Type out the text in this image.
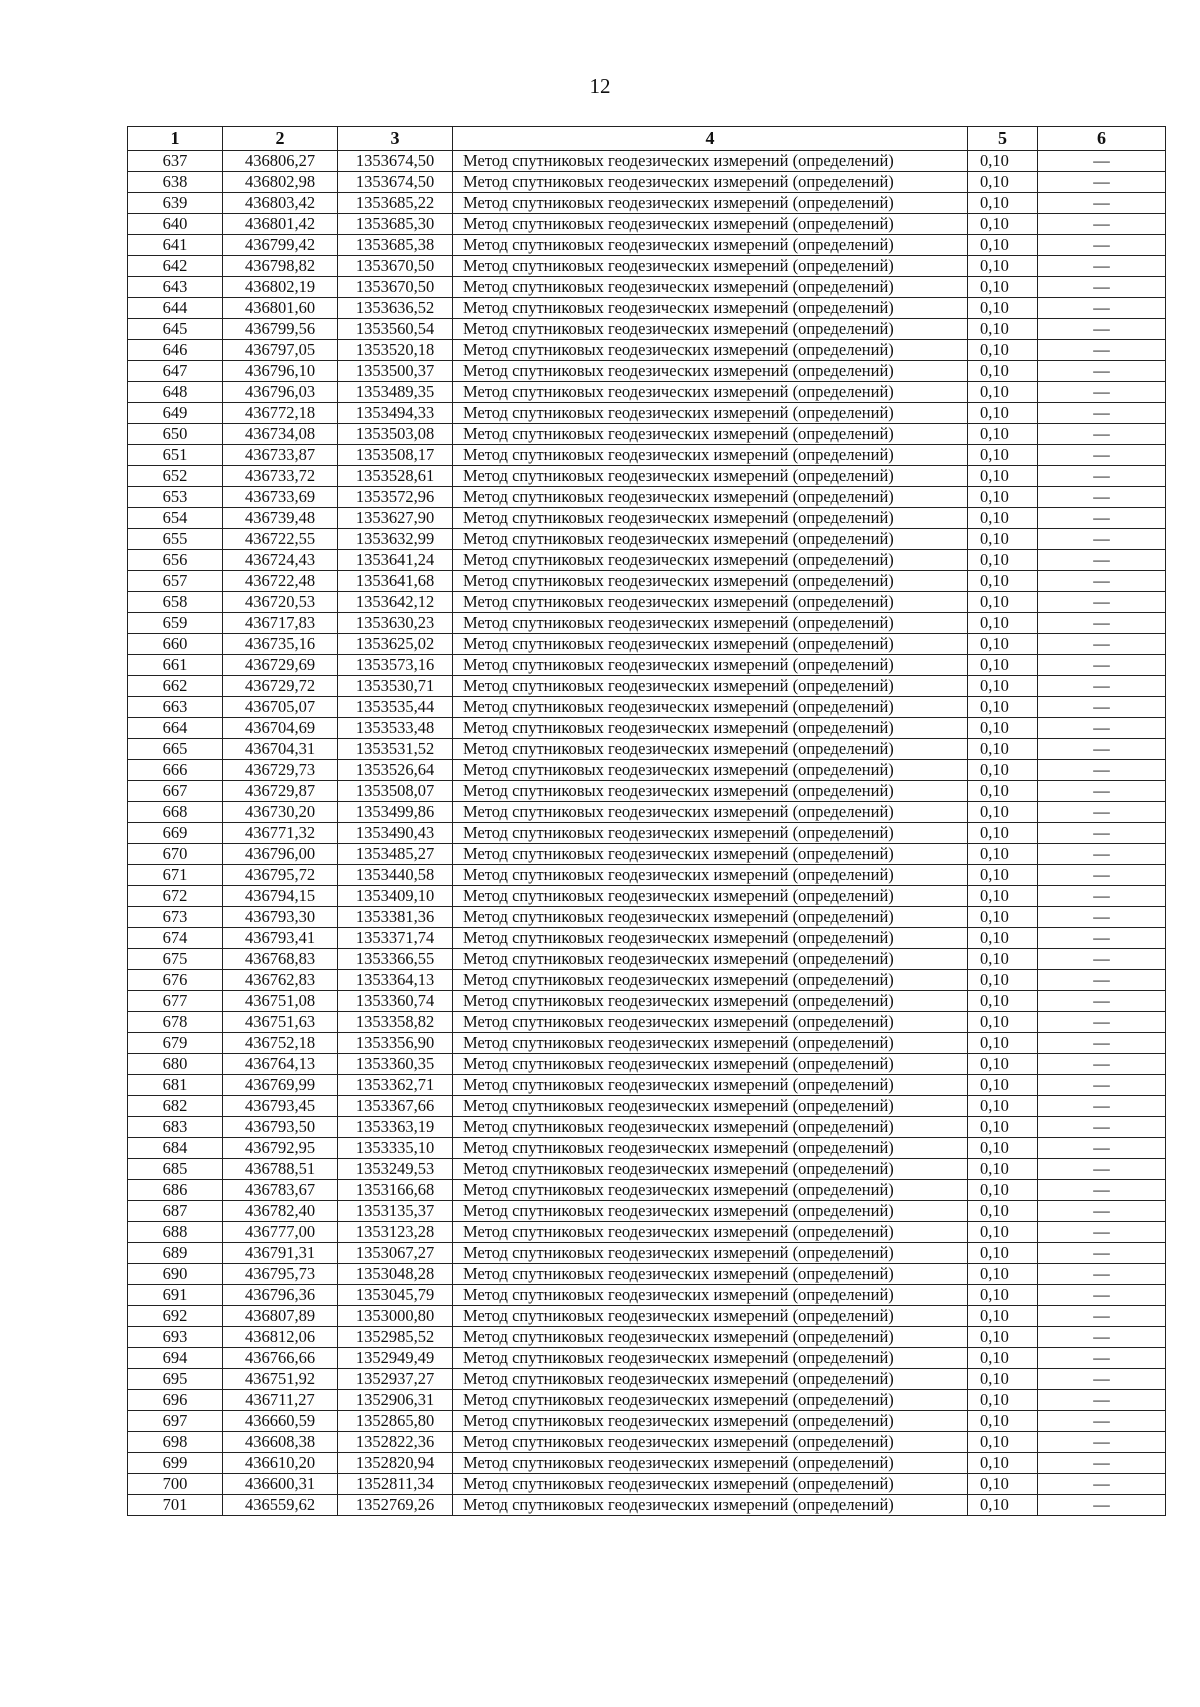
12
1	2	3	4	5	6
637	436806,27	1353674,50	Метод спутниковых геодезических измерений (определений)	0,10	—
638	436802,98	1353674,50	Метод спутниковых геодезических измерений (определений)	0,10	—
639	436803,42	1353685,22	Метод спутниковых геодезических измерений (определений)	0,10	—
640	436801,42	1353685,30	Метод спутниковых геодезических измерений (определений)	0,10	—
641	436799,42	1353685,38	Метод спутниковых геодезических измерений (определений)	0,10	—
642	436798,82	1353670,50	Метод спутниковых геодезических измерений (определений)	0,10	—
643	436802,19	1353670,50	Метод спутниковых геодезических измерений (определений)	0,10	—
644	436801,60	1353636,52	Метод спутниковых геодезических измерений (определений)	0,10	—
645	436799,56	1353560,54	Метод спутниковых геодезических измерений (определений)	0,10	—
646	436797,05	1353520,18	Метод спутниковых геодезических измерений (определений)	0,10	—
647	436796,10	1353500,37	Метод спутниковых геодезических измерений (определений)	0,10	—
648	436796,03	1353489,35	Метод спутниковых геодезических измерений (определений)	0,10	—
649	436772,18	1353494,33	Метод спутниковых геодезических измерений (определений)	0,10	—
650	436734,08	1353503,08	Метод спутниковых геодезических измерений (определений)	0,10	—
651	436733,87	1353508,17	Метод спутниковых геодезических измерений (определений)	0,10	—
652	436733,72	1353528,61	Метод спутниковых геодезических измерений (определений)	0,10	—
653	436733,69	1353572,96	Метод спутниковых геодезических измерений (определений)	0,10	—
654	436739,48	1353627,90	Метод спутниковых геодезических измерений (определений)	0,10	—
655	436722,55	1353632,99	Метод спутниковых геодезических измерений (определений)	0,10	—
656	436724,43	1353641,24	Метод спутниковых геодезических измерений (определений)	0,10	—
657	436722,48	1353641,68	Метод спутниковых геодезических измерений (определений)	0,10	—
658	436720,53	1353642,12	Метод спутниковых геодезических измерений (определений)	0,10	—
659	436717,83	1353630,23	Метод спутниковых геодезических измерений (определений)	0,10	—
660	436735,16	1353625,02	Метод спутниковых геодезических измерений (определений)	0,10	—
661	436729,69	1353573,16	Метод спутниковых геодезических измерений (определений)	0,10	—
662	436729,72	1353530,71	Метод спутниковых геодезических измерений (определений)	0,10	—
663	436705,07	1353535,44	Метод спутниковых геодезических измерений (определений)	0,10	—
664	436704,69	1353533,48	Метод спутниковых геодезических измерений (определений)	0,10	—
665	436704,31	1353531,52	Метод спутниковых геодезических измерений (определений)	0,10	—
666	436729,73	1353526,64	Метод спутниковых геодезических измерений (определений)	0,10	—
667	436729,87	1353508,07	Метод спутниковых геодезических измерений (определений)	0,10	—
668	436730,20	1353499,86	Метод спутниковых геодезических измерений (определений)	0,10	—
669	436771,32	1353490,43	Метод спутниковых геодезических измерений (определений)	0,10	—
670	436796,00	1353485,27	Метод спутниковых геодезических измерений (определений)	0,10	—
671	436795,72	1353440,58	Метод спутниковых геодезических измерений (определений)	0,10	—
672	436794,15	1353409,10	Метод спутниковых геодезических измерений (определений)	0,10	—
673	436793,30	1353381,36	Метод спутниковых геодезических измерений (определений)	0,10	—
674	436793,41	1353371,74	Метод спутниковых геодезических измерений (определений)	0,10	—
675	436768,83	1353366,55	Метод спутниковых геодезических измерений (определений)	0,10	—
676	436762,83	1353364,13	Метод спутниковых геодезических измерений (определений)	0,10	—
677	436751,08	1353360,74	Метод спутниковых геодезических измерений (определений)	0,10	—
678	436751,63	1353358,82	Метод спутниковых геодезических измерений (определений)	0,10	—
679	436752,18	1353356,90	Метод спутниковых геодезических измерений (определений)	0,10	—
680	436764,13	1353360,35	Метод спутниковых геодезических измерений (определений)	0,10	—
681	436769,99	1353362,71	Метод спутниковых геодезических измерений (определений)	0,10	—
682	436793,45	1353367,66	Метод спутниковых геодезических измерений (определений)	0,10	—
683	436793,50	1353363,19	Метод спутниковых геодезических измерений (определений)	0,10	—
684	436792,95	1353335,10	Метод спутниковых геодезических измерений (определений)	0,10	—
685	436788,51	1353249,53	Метод спутниковых геодезических измерений (определений)	0,10	—
686	436783,67	1353166,68	Метод спутниковых геодезических измерений (определений)	0,10	—
687	436782,40	1353135,37	Метод спутниковых геодезических измерений (определений)	0,10	—
688	436777,00	1353123,28	Метод спутниковых геодезических измерений (определений)	0,10	—
689	436791,31	1353067,27	Метод спутниковых геодезических измерений (определений)	0,10	—
690	436795,73	1353048,28	Метод спутниковых геодезических измерений (определений)	0,10	—
691	436796,36	1353045,79	Метод спутниковых геодезических измерений (определений)	0,10	—
692	436807,89	1353000,80	Метод спутниковых геодезических измерений (определений)	0,10	—
693	436812,06	1352985,52	Метод спутниковых геодезических измерений (определений)	0,10	—
694	436766,66	1352949,49	Метод спутниковых геодезических измерений (определений)	0,10	—
695	436751,92	1352937,27	Метод спутниковых геодезических измерений (определений)	0,10	—
696	436711,27	1352906,31	Метод спутниковых геодезических измерений (определений)	0,10	—
697	436660,59	1352865,80	Метод спутниковых геодезических измерений (определений)	0,10	—
698	436608,38	1352822,36	Метод спутниковых геодезических измерений (определений)	0,10	—
699	436610,20	1352820,94	Метод спутниковых геодезических измерений (определений)	0,10	—
700	436600,31	1352811,34	Метод спутниковых геодезических измерений (определений)	0,10	—
701	436559,62	1352769,26	Метод спутниковых геодезических измерений (определений)	0,10	—
